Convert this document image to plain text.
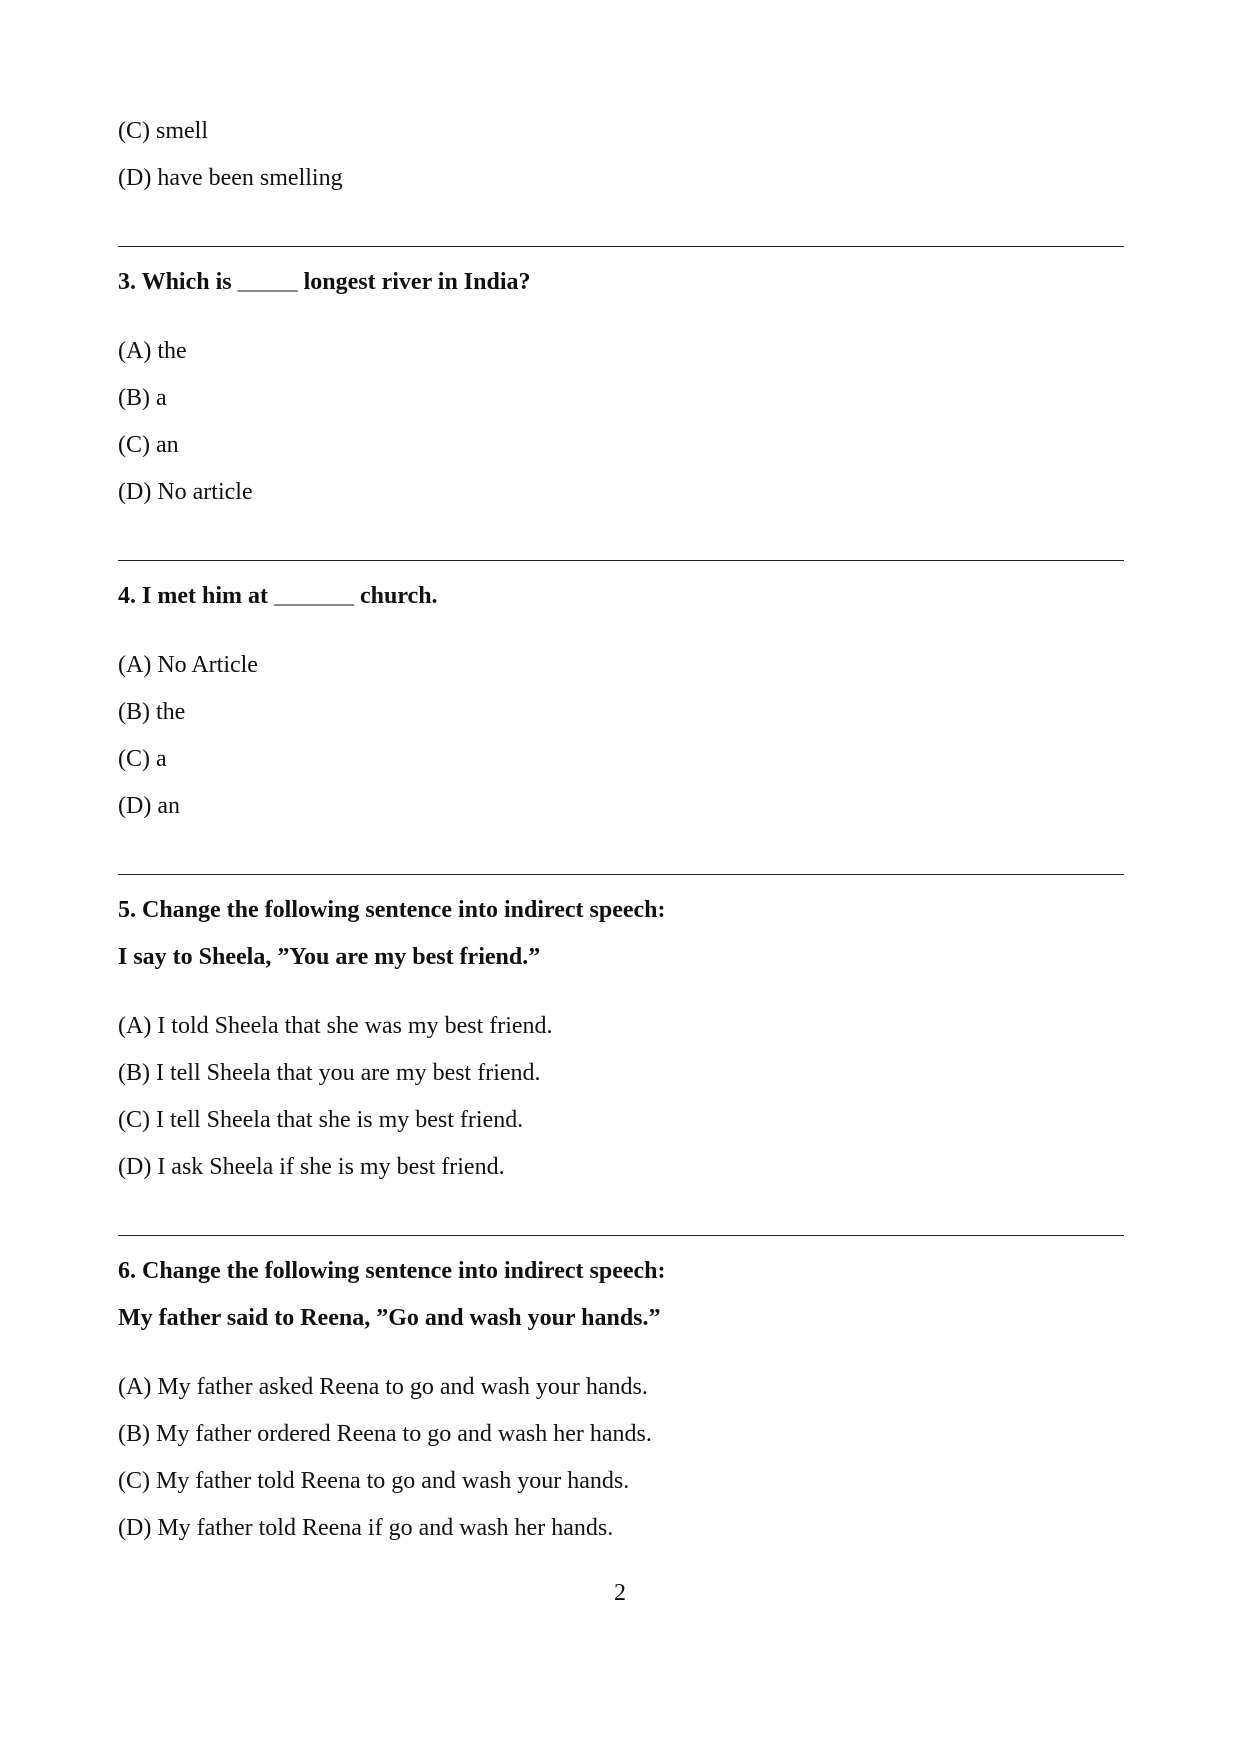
(C) smell
(D) have been smelling
3. Which is ______ longest river in India?
(A) the
(B) a
(C) an
(D) No article
4. I met him at ________ church.
(A) No Article
(B) the
(C) a
(D) an
5. Change the following sentence into indirect speech:
I say to Sheela, ”You are my best friend.”
(A) I told Sheela that she was my best friend.
(B) I tell Sheela that you are my best friend.
(C) I tell Sheela that she is my best friend.
(D) I ask Sheela if she is my best friend.
6. Change the following sentence into indirect speech:
My father said to Reena, ”Go and wash your hands.”
(A) My father asked Reena to go and wash your hands.
(B) My father ordered Reena to go and wash her hands.
(C) My father told Reena to go and wash your hands.
(D) My father told Reena if go and wash her hands.
2
